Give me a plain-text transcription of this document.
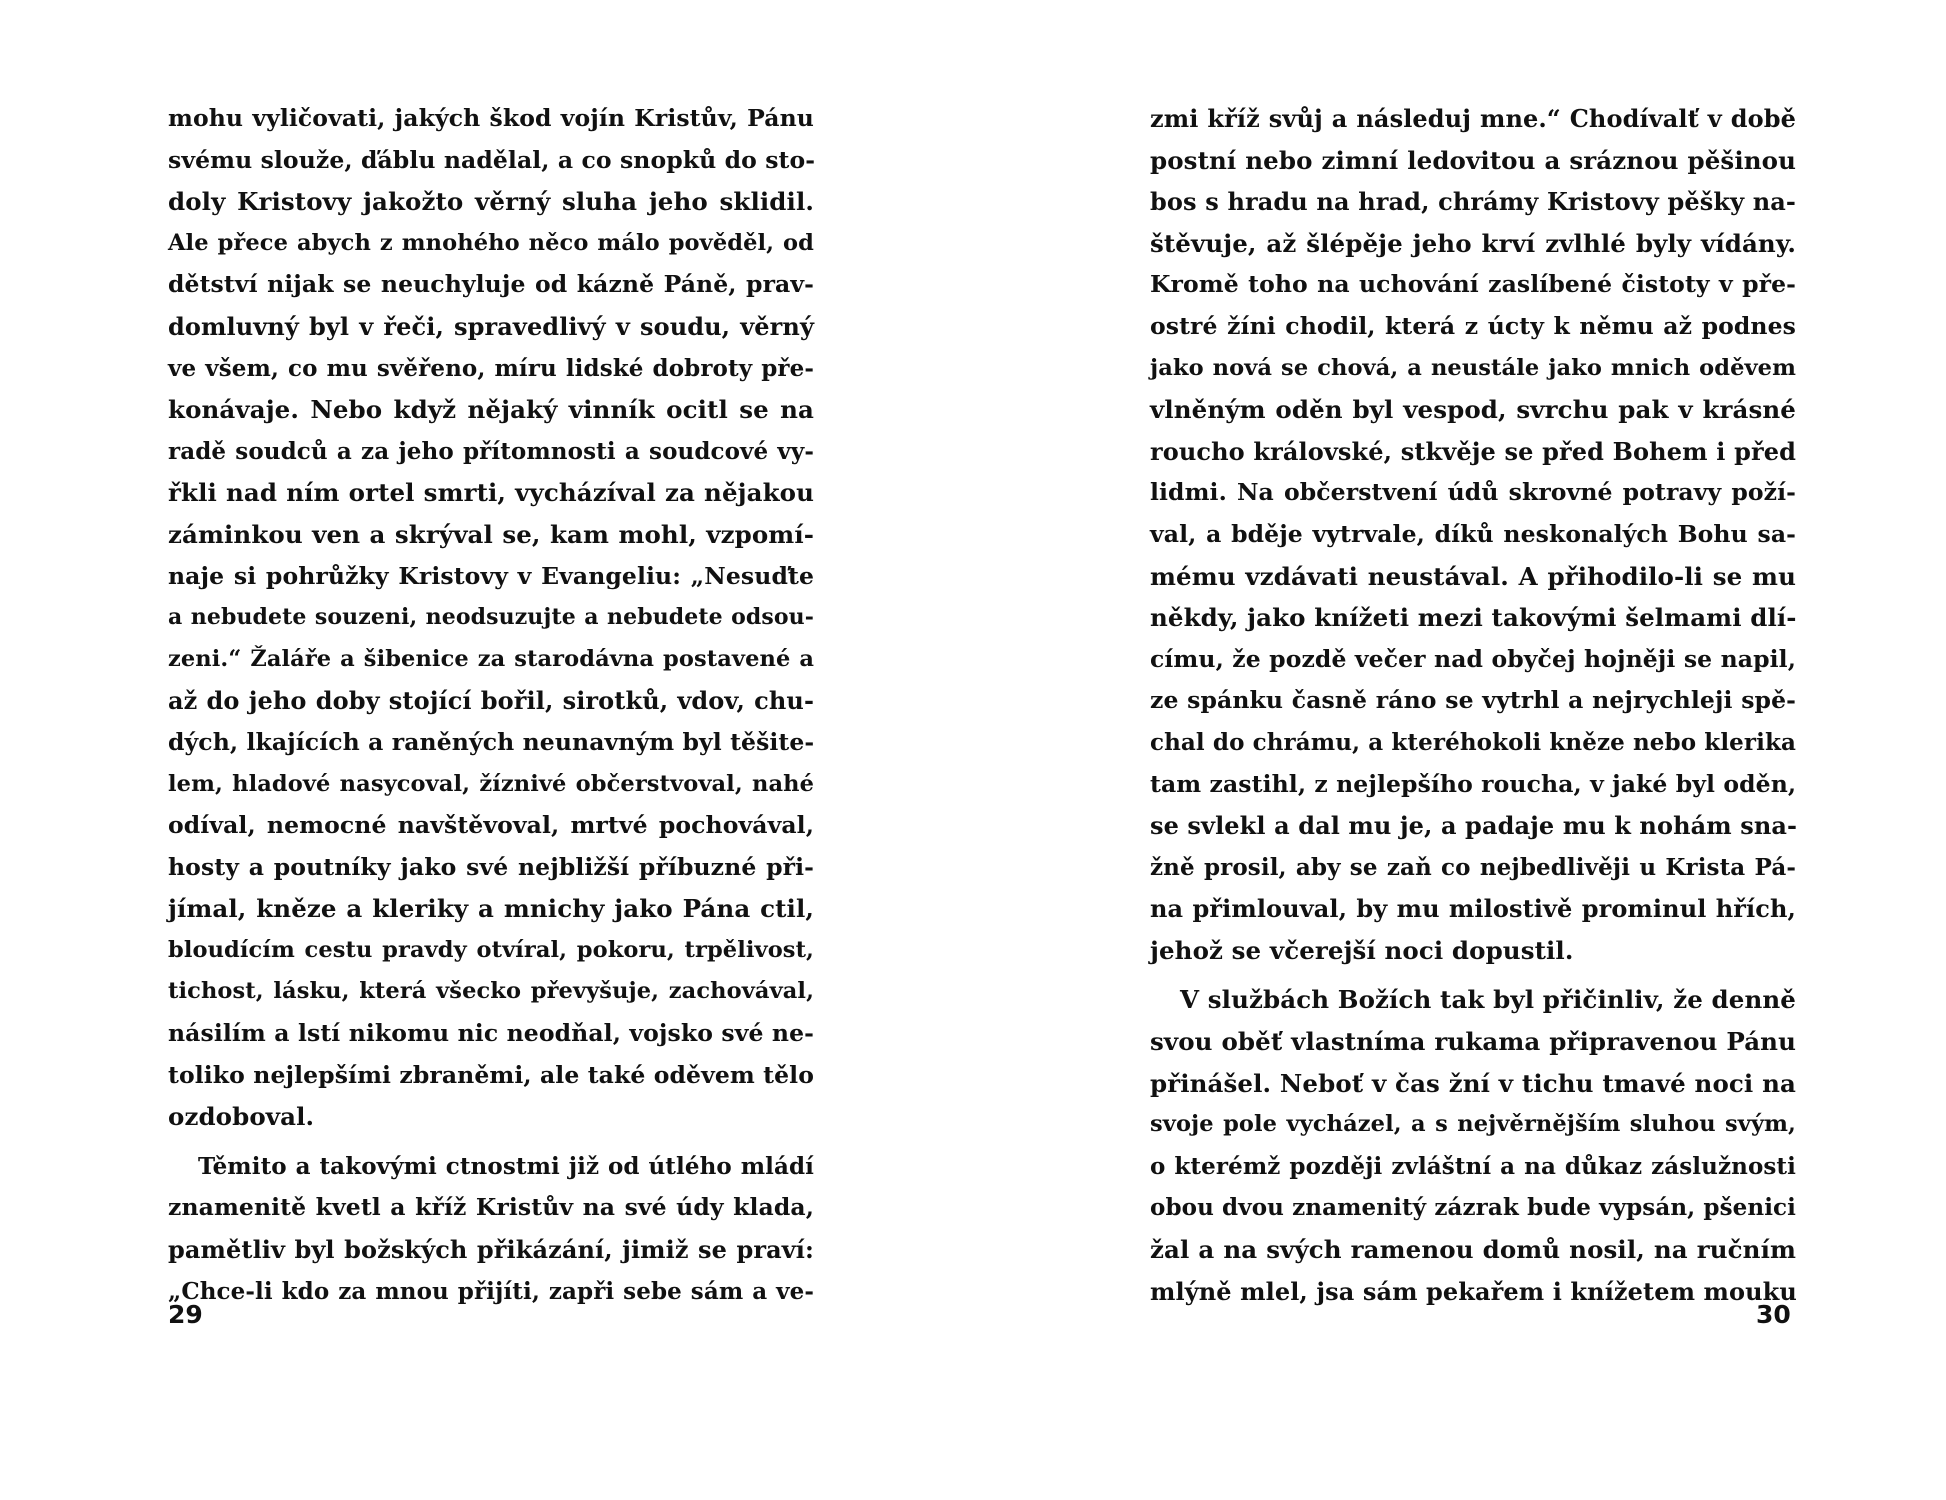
mohu vyličovati, jakých škod vojín Kristův, Pánu
svému slouže, ďáblu nadělal, a co snopků do sto-
doly Kristovy jakožto věrný sluha jeho sklidil.
Ale přece abych z mnohého něco málo pověděl, od
dětství nijak se neuchyluje od kázně Páně, prav-
domluvný byl v řeči, spravedlivý v soudu, věrný
ve všem, co mu svěřeno, míru lidské dobroty pře-
konávaje. Nebo když nějaký vinník ocitl se na
radě soudců a za jeho přítomnosti a soudcové vy-
řkli nad ním ortel smrti, vycházíval za nějakou
záminkou ven a skrýval se, kam mohl, vzpomí-
naje si pohrůžky Kristovy v Evangeliu: „Nesuďte
a nebudete souzeni, neodsuzujte a nebudete odsou-
zeni.“ Žaláře a šibenice za starodávna postavené a
až do jeho doby stojící bořil, sirotků, vdov, chu-
dých, lkajících a raněných neunavným byl těšite-
lem, hladové nasycoval, žíznivé občerstvoval, nahé
odíval, nemocné navštěvoval, mrtvé pochovával,
hosty a poutníky jako své nejbližší příbuzné při-
jímal, kněze a kleriky a mnichy jako Pána ctil,
bloudícím cestu pravdy otvíral, pokoru, trpělivost,
tichost, lásku, která všecko převyšuje, zachovával,
násilím a lstí nikomu nic neodňal, vojsko své ne-
toliko nejlepšími zbraněmi, ale také oděvem tělo
ozdoboval.
Těmito a takovými ctnostmi již od útlého mládí
znamenitě kvetl a kříž Kristův na své údy klada,
pamětliv byl božských přikázání, jimiž se praví:
„Chce-li kdo za mnou přijíti, zapři sebe sám a ve-
29
zmi kříž svůj a následuj mne.“ Chodívalť v době
postní nebo zimní ledovitou a sráznou pěšinou
bos s hradu na hrad, chrámy Kristovy pěšky na-
štěvuje, až šlépěje jeho krví zvlhlé byly vídány.
Kromě toho na uchování zaslíbené čistoty v pře-
ostré žíni chodil, která z úcty k němu až podnes
jako nová se chová, a neustále jako mnich oděvem
vlněným oděn byl vespod, svrchu pak v krásné
roucho královské, stkvěje se před Bohem i před
lidmi. Na občerstvení údů skrovné potravy poží-
val, a bděje vytrvale, díků neskonalých Bohu sa-
mému vzdávati neustával. A přihodilo-li se mu
někdy, jako knížeti mezi takovými šelmami dlí-
címu, že pozdě večer nad obyčej hojněji se napil,
ze spánku časně ráno se vytrhl a nejrychleji spě-
chal do chrámu, a kteréhokoli kněze nebo klerika
tam zastihl, z nejlepšího roucha, v jaké byl oděn,
se svlekl a dal mu je, a padaje mu k nohám sna-
žně prosil, aby se zaň co nejbedlivěji u Krista Pá-
na přimlouval, by mu milostivě prominul hřích,
jehož se včerejší noci dopustil.
V službách Božích tak byl přičinliv, že denně
svou oběť vlastníma rukama připravenou Pánu
přinášel. Neboť v čas žní v tichu tmavé noci na
svoje pole vycházel, a s nejvěrnějším sluhou svým,
o kterémž později zvláštní a na důkaz záslužnosti
obou dvou znamenitý zázrak bude vypsán, pšenici
žal a na svých ramenou domů nosil, na ručním
mlýně mlel, jsa sám pekařem i knížetem mouku
30
